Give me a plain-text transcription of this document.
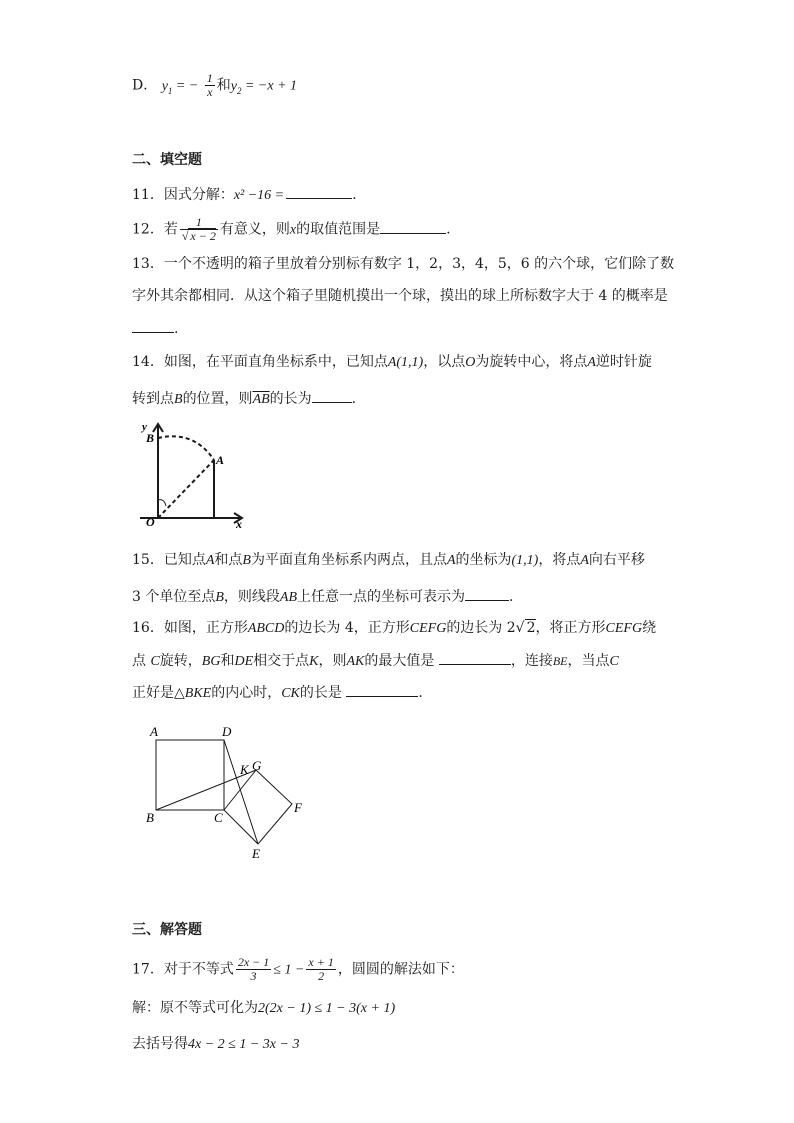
D． $y_1$ = − $\frac{1}{x}$ 和$y_2 = -x + 1$
二、填空题
11．因式分解：x² −16 =	.
12．若 $\frac{1}{√ x - 2}$ 有意义，则x的取值范围是	.
13．一个不透明的箱子里放着分别标有数字 1，2，3，4，5，6 的六个球，它们除了数
字外其余都相同．从这个箱子里随机摸出一个球，摸出的球上所标数字大于 4 的概率是
.
14．如图，在平面直角坐标系中，已知点A(1,1)，以点O为旋转中心，将点A逆时针旋
转到点B的位置，则$\overline{AB}$的长为	.
y
B
A
O	x
15．已知点A和点B为平面直角坐标系内两点，且点A的坐标为(1,1)，将点A向右平移
3 个单位至点B，则线段AB上任意一点的坐标可表示为	.
16．如图，正方形ABCD的边长为 4，正方形CEFG的边长为 2√ 2，将正方形CEFG绕
点 C旋转，BG和DE相交于点K，则AK的最大值是	，连接BE，当点C
正好是△BKE的内心时，CK的长是	.
A	D
K G
F
B	C
E
三、解答题
17．对于不等式 $\frac{2x - 1}{3} \le 1 - \frac{x + 1}{2}$ ，圆圆的解法如下：
解：原不等式可化为2(2x − 1) ≤ 1 − 3(x + 1)
去括号得4x − 2 ≤ 1 − 3x − 3
